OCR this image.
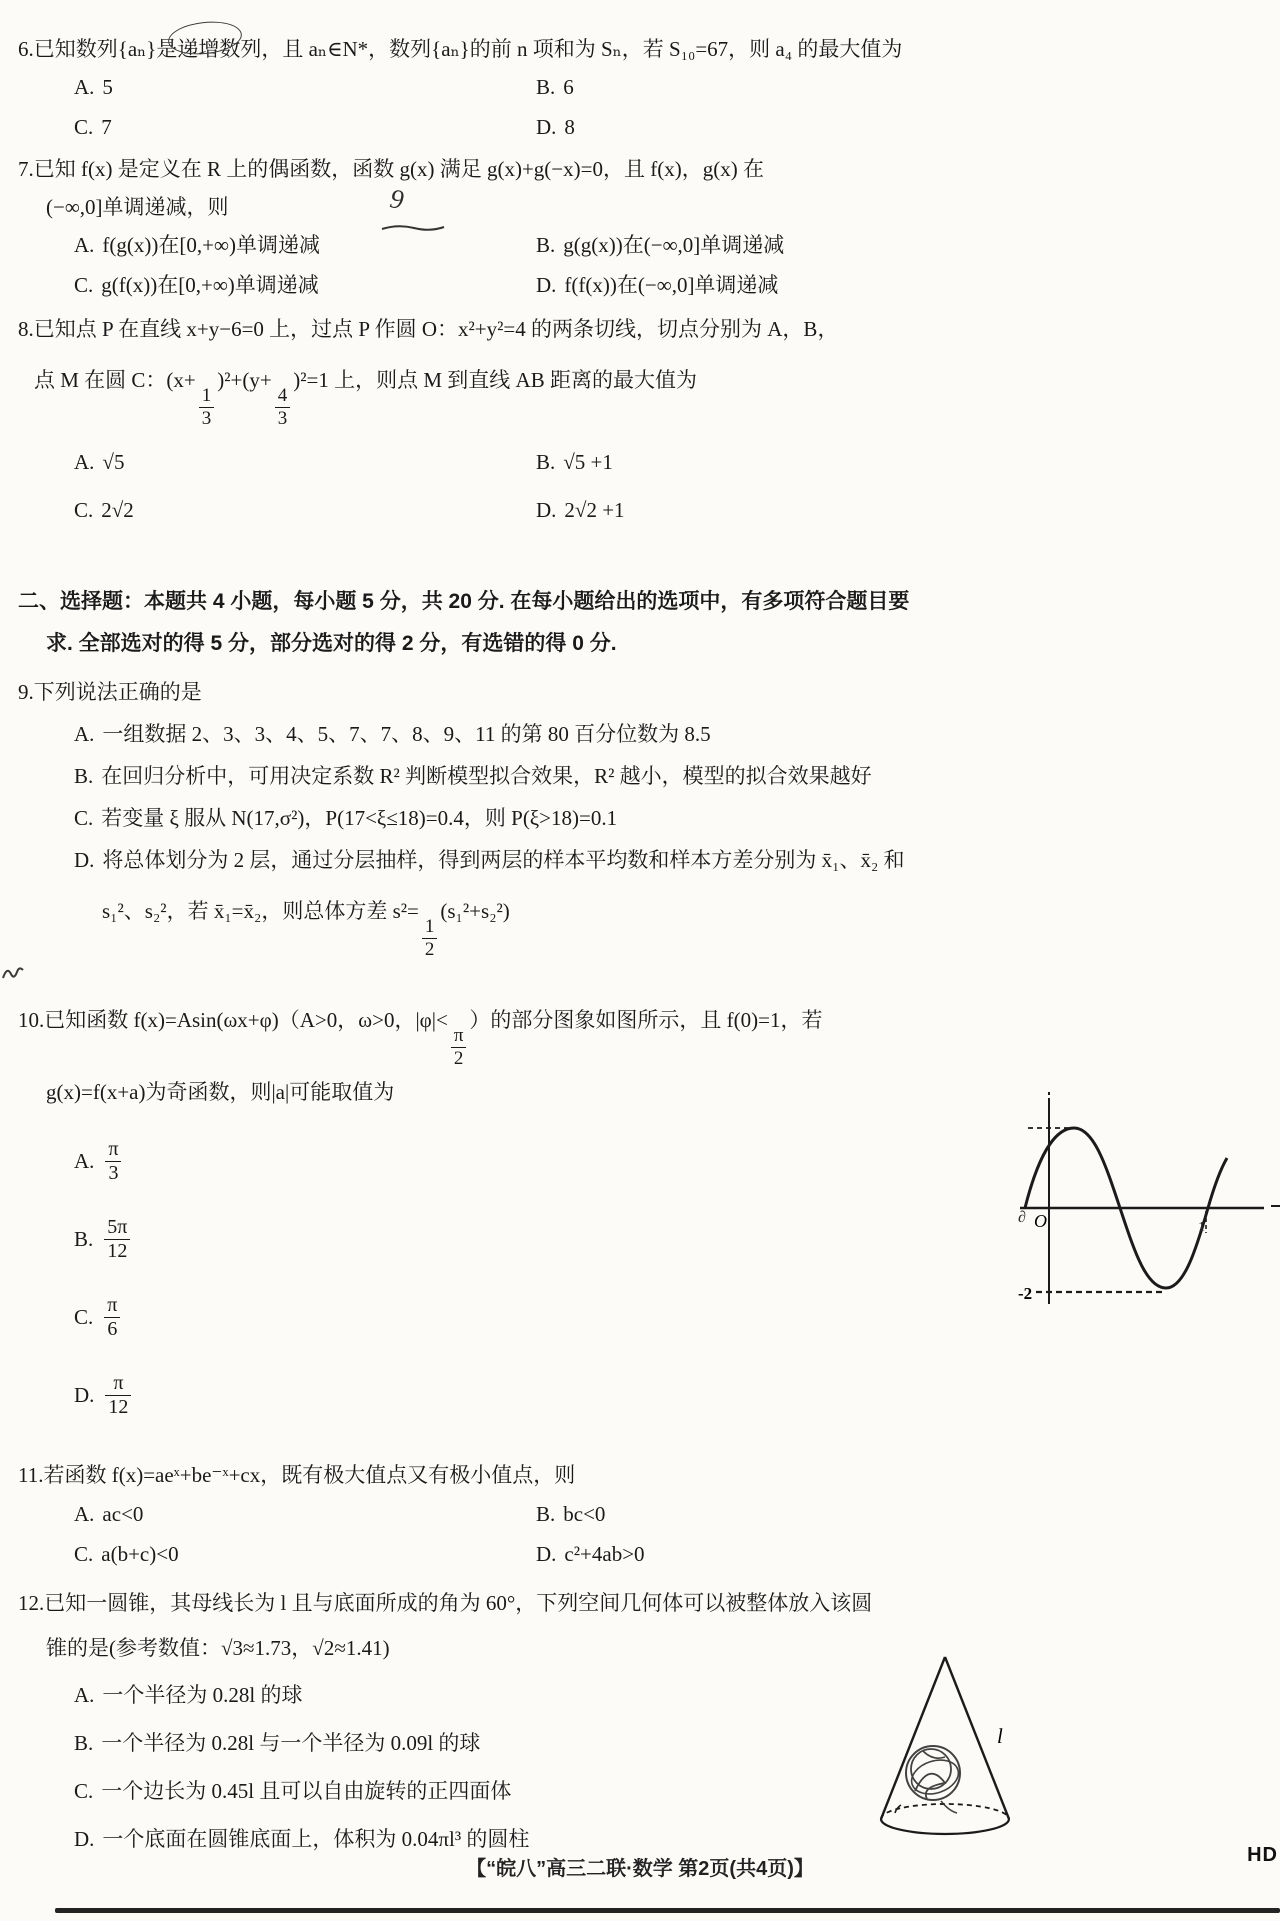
6.已知数列{aₙ}是递增数列，且 aₙ∈N*，数列{aₙ}的前 n 项和为 Sₙ，若 S₁₀=67，则 a₄ 的最大值为
A. 5	B. 6
C. 7	D. 8
7.已知 f(x) 是定义在 R 上的偶函数，函数 g(x) 满足 g(x)+g(−x)=0，且 f(x)，g(x) 在
(−∞,0]单调递减，则	9
A. f(g(x))在[0,+∞)单调递减	B. g(g(x))在(−∞,0]单调递减
C. g(f(x))在[0,+∞)单调递减	D. f(f(x))在(−∞,0]单调递减
8.已知点 P 在直线 x+y−6=0 上，过点 P 作圆 O：x²+y²=4 的两条切线，切点分别为 A，B，
点 M 在圆 C：(x+
$\frac{1}{3}$
)²+(y+
$\frac{4}{3}$
)²=1 上，则点 M 到直线 AB 距离的最大值为
A. √5	B. √5 +1
C. 2√2	D. 2√2 +1
二、选择题：本题共 4 小题，每小题 5 分，共 20 分. 在每小题给出的选项中，有多项符合题目要
求. 全部选对的得 5 分，部分选对的得 2 分，有选错的得 0 分.
9.下列说法正确的是
A. 一组数据 2、3、3、4、5、7、7、8、9、11 的第 80 百分位数为 8.5
B. 在回归分析中，可用决定系数 R² 判断模型拟合效果，R² 越小，模型的拟合效果越好
C. 若变量 ξ 服从 N(17,σ²)，P(17<ξ≤18)=0.4，则 P(ξ>18)=0.1
D. 将总体划分为 2 层，通过分层抽样，得到两层的样本平均数和样本方差分别为 x̄₁、x̄₂ 和
s₁²、s₂²，若 x̄₁=x̄₂，则总体方差 s²=
$\frac{1}{2}$
(s₁²+s₂²)
10.已知函数 f(x)=Asin(ωx+φ)（A>0，ω>0，|φ|<
$\frac{\pi}{2}$
）的部分图象如图所示，且 f(0)=1，若
g(x)=f(x+a)为奇函数，则|a|可能取值为
A. $\frac{\pi}{3}$
B. $\frac{5\pi}{12}$
C. $\frac{\pi}{6}$
D. $\frac{\pi}{12}$
O
-2
1
∂
11.若函数 f(x)=aeˣ+be⁻ˣ+cx，既有极大值点又有极小值点，则
A. ac<0	B. bc<0
C. a(b+c)<0	D. c²+4ab>0
12.已知一圆锥，其母线长为 l 且与底面所成的角为 60°，下列空间几何体可以被整体放入该圆
锥的是(参考数值：√3≈1.73，√2≈1.41)
A. 一个半径为 0.28l 的球
B. 一个半径为 0.28l 与一个半径为 0.09l 的球
C. 一个边长为 0.45l 且可以自由旋转的正四面体
D. 一个底面在圆锥底面上，体积为 0.04πl³ 的圆柱
l
【“皖八”高三二联·数学 第2页(共4页)】
HD
